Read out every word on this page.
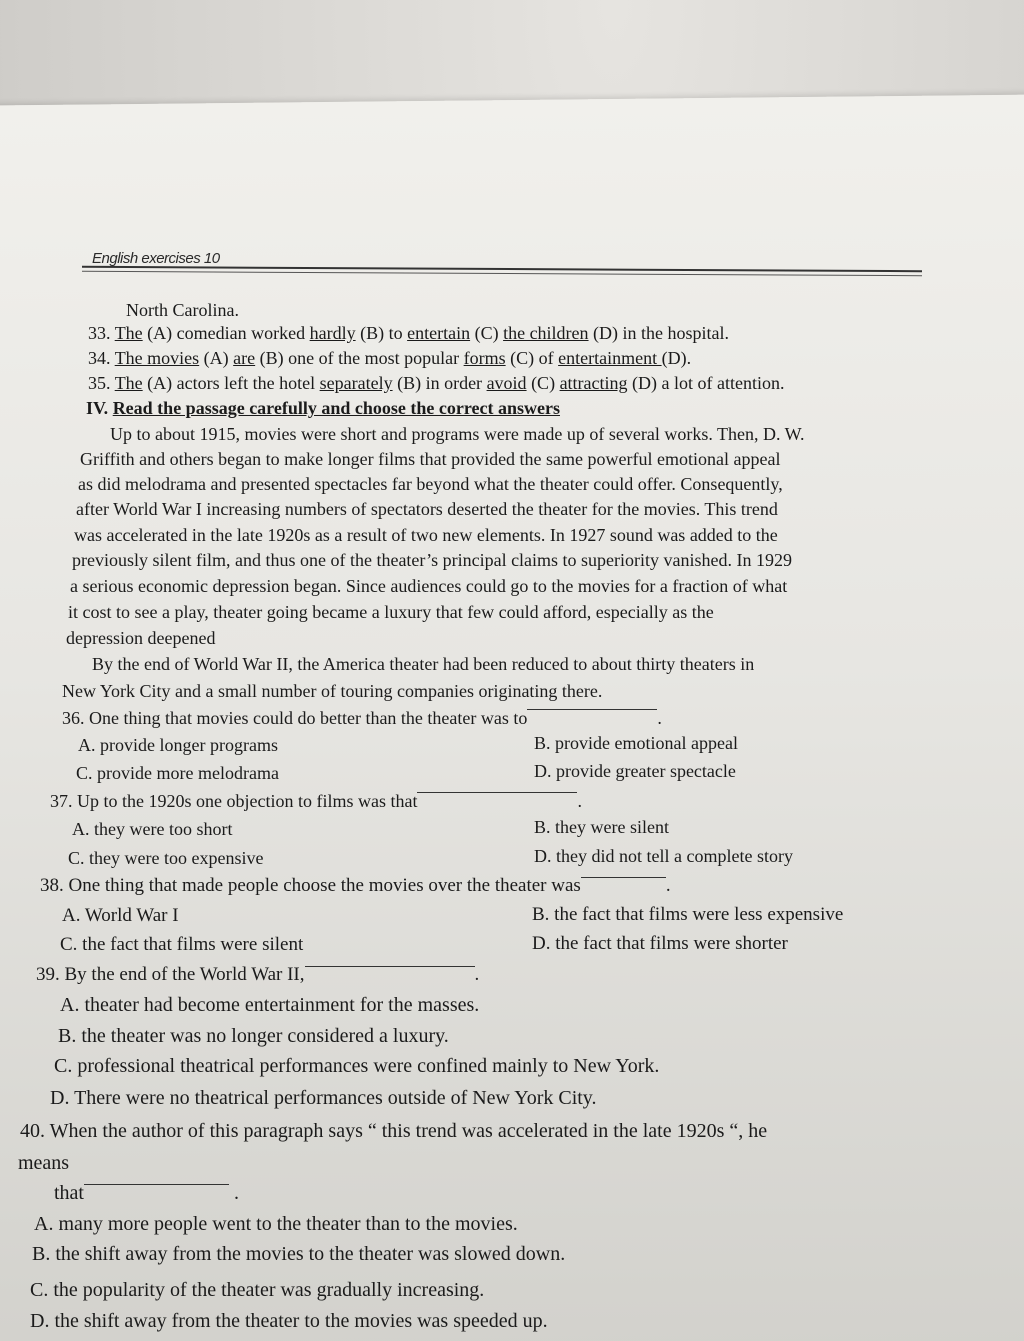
English exercises 10
North Carolina.
33. The (A) comedian worked hardly (B) to entertain (C) the children (D) in the hospital.
34. The movies (A) are (B) one of the most popular forms (C) of entertainment (D).
35. The (A) actors left the hotel separately (B) in order avoid (C) attracting (D) a lot of attention.
IV. Read the passage carefully and choose the correct answers
Up to about 1915, movies were short and programs were made up of several works. Then, D. W.
Griffith and others began to make longer films that provided the same powerful emotional appeal
as did melodrama and presented spectacles far beyond what the theater could offer. Consequently,
after World War I increasing numbers of spectators deserted the theater for the movies. This trend
was accelerated in the late 1920s as a result of two new elements. In 1927 sound was added to the
previously silent film, and thus one of the theater’s principal claims to superiority vanished. In 1929
a serious economic depression began. Since audiences could go to the movies for a fraction of what
it cost to see a play, theater going became a luxury that few could afford, especially as the
depression deepened
By the end of World War II, the America theater had been reduced to about thirty theaters in
New York City and a small number of touring companies originating there.
36. One thing that movies could do better than the theater was to	.
A. provide longer programs	B. provide emotional appeal
C. provide more melodrama	D. provide greater spectacle
37. Up to the 1920s one objection to films was that	.
A. they were too short	B. they were silent
C. they were too expensive	D. they did not tell a complete story
38. One thing that made people choose the movies over the theater was	.
A. World War I	B. the fact that films were less expensive
C. the fact that films were silent	D. the fact that films were shorter
39. By the end of the World War II,	.
A. theater had become entertainment for the masses.
B. the theater was no longer considered a luxury.
C. professional theatrical performances were confined mainly to New York.
D. There were no theatrical performances outside of New York City.
40. When the author of this paragraph says “ this trend was accelerated in the late 1920s “, he
means
that	.
A. many more people went to the theater than to the movies.
B. the shift away from the movies to the theater was slowed down.
C. the popularity of the theater was gradually increasing.
D. the shift away from the theater to the movies was speeded up.
